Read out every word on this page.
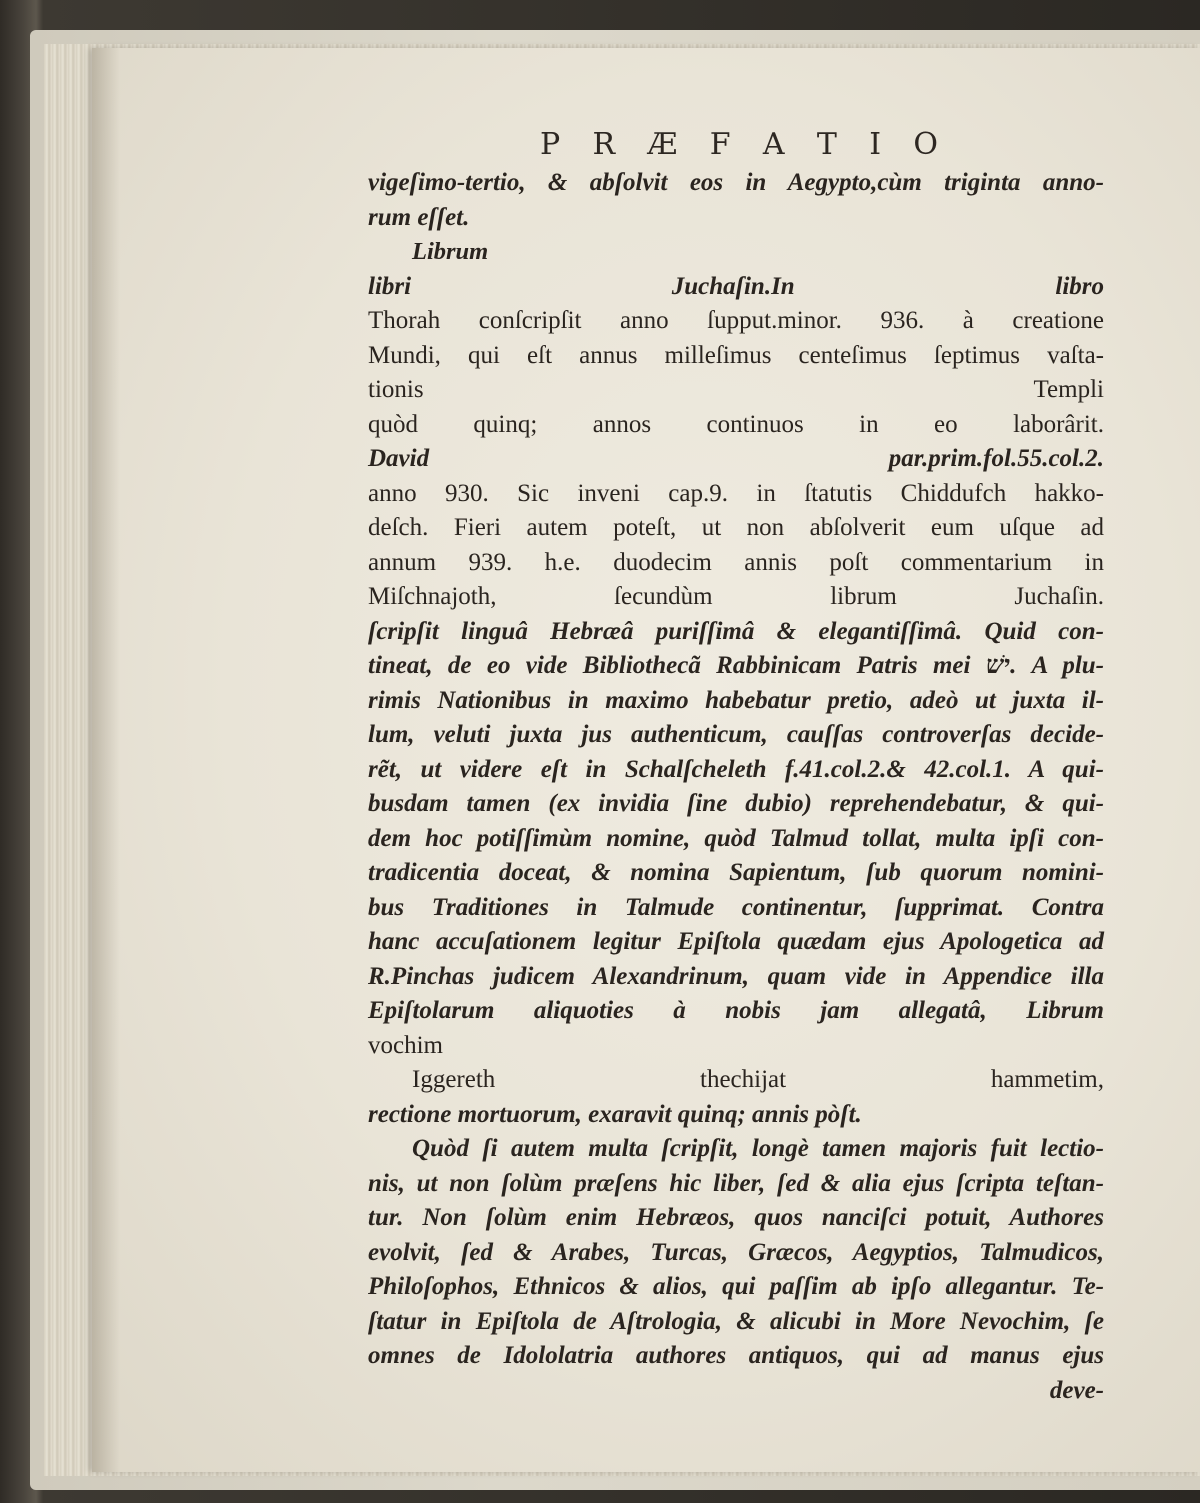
P R Æ F A T I O
vigeſimo-tertio, & abſolvit eos in Aegypto,cùm triginta anno-
rum eſſet.
Librum
libri Juchaſin.In libro
Thorah conſcripſit anno ſupput.minor. 936. à creatione
Mundi, qui eſt annus milleſimus centeſimus ſeptimus vaſta-
tionis Templi
quòd quinq; annos continuos in eo laborârit.
David par.prim.fol.55.col.2.
anno 930. Sic inveni cap.9. in ſtatutis Chiddufch hakko-
deſch. Fieri autem poteſt, ut non abſolverit eum uſque ad
annum 939. h.e. duodecim annis poſt commentarium in
Miſchnajoth, ſecundùm librum Juchaſin.
ſcripſit linguâ Hebræâ puriſſimâ & elegantiſſimâ. Quid con-
tineat, de eo vide Bibliothecã Rabbinicam Patris mei ישׁ. A plu-
rimis Nationibus in maximo habebatur pretio, adeò ut juxta il-
lum, veluti juxta jus authenticum, cauſſas controverſas decide-
rẽt, ut videre eſt in Schalſcheleth f.41.col.2.& 42.col.1. A qui-
busdam tamen (ex invidia ſine dubio) reprehendebatur, & qui-
dem hoc potiſſimùm nomine, quòd Talmud tollat, multa ipſi con-
tradicentia doceat, & nomina Sapientum, ſub quorum nomini-
bus Traditiones in Talmude continentur, ſupprimat. Contra
hanc accuſationem legitur Epiſtola quædam ejus Apologetica ad
R.Pinchas judicem Alexandrinum, quam vide in Appendice illa
Epiſtolarum aliquoties à nobis jam allegatâ, Librum
vochim
Iggereth thechijat hammetim,
rectione mortuorum, exaravit quinq; annis pòſt.
Quòd ſi autem multa ſcripſit, longè tamen majoris fuit lectio-
nis, ut non ſolùm præſens hic liber, ſed & alia ejus ſcripta teſtan-
tur. Non ſolùm enim Hebræos, quos nanciſci potuit, Authores
evolvit, ſed & Arabes, Turcas, Græcos, Aegyptios, Talmudicos,
Philoſophos, Ethnicos & alios, qui paſſim ab ipſo allegantur. Te-
ſtatur in Epiſtola de Aſtrologia, & alicubi in More Nevochim, ſe
omnes de Idololatria authores antiquos, qui ad manus ejus
deve-
